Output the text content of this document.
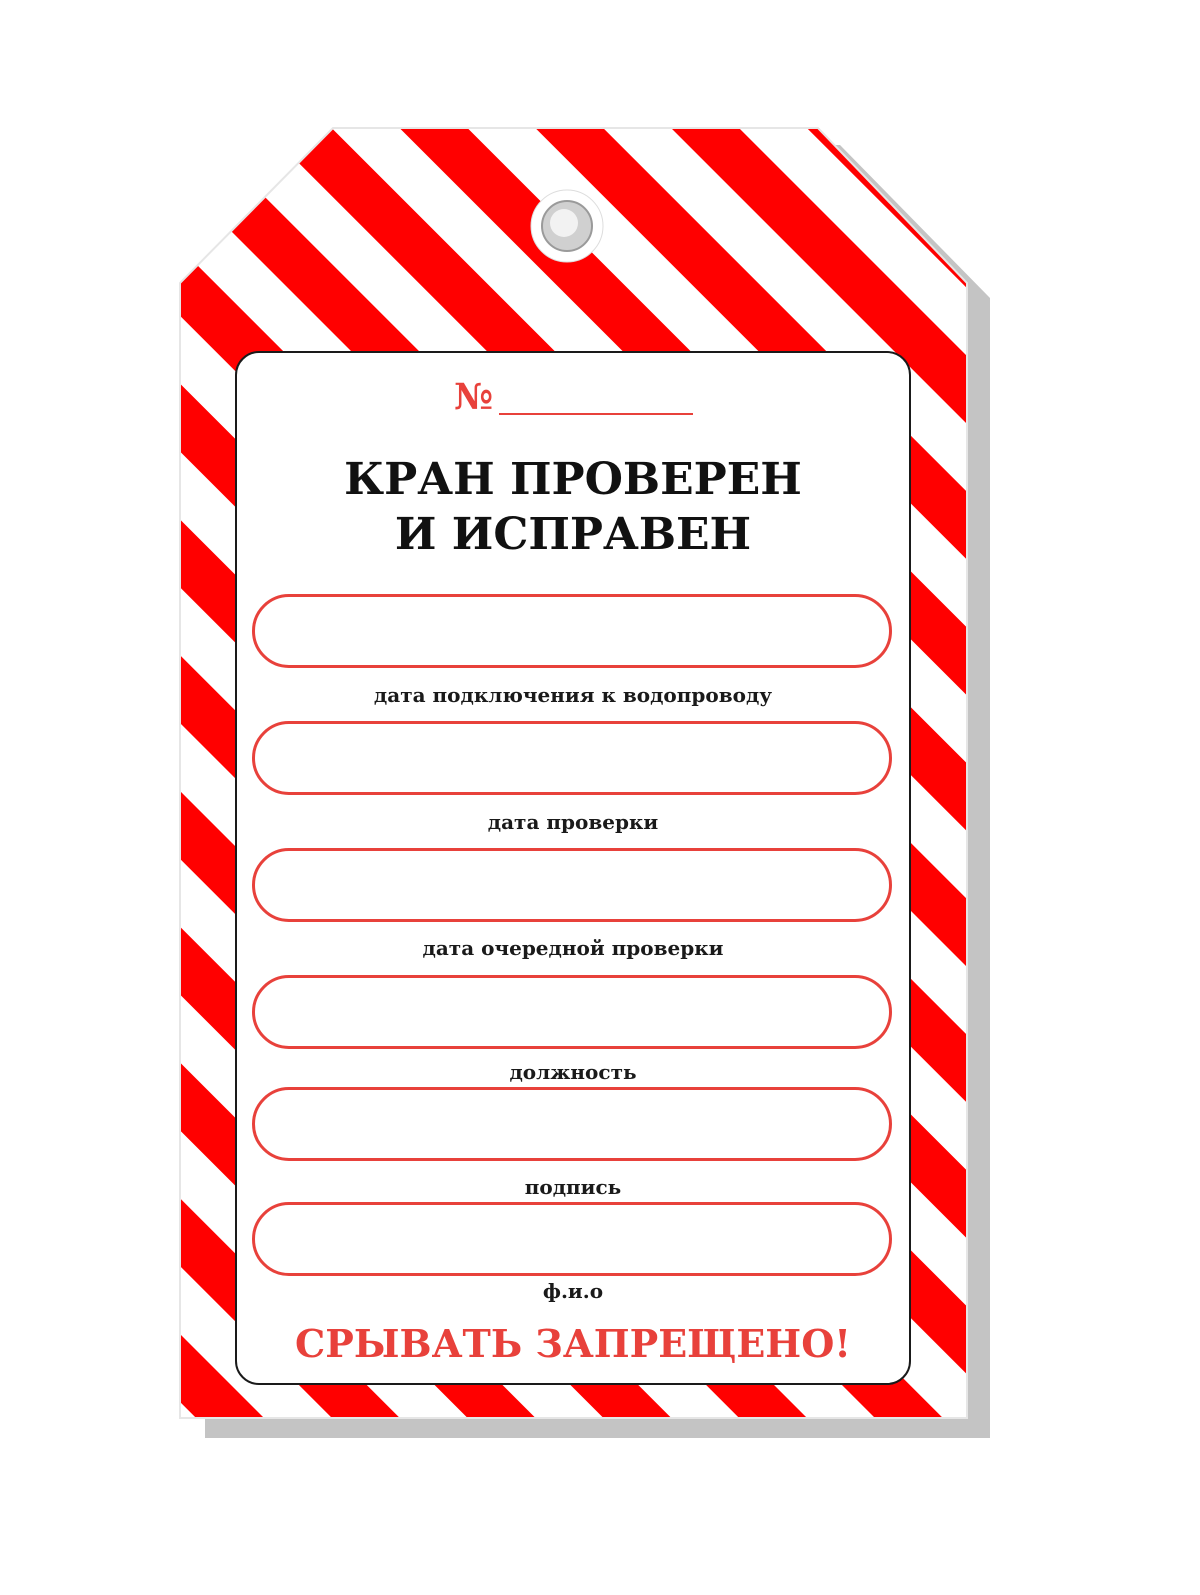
№
КРАН ПРОВЕРЕН
И ИСПРАВЕН
дата подключения к водопроводу
дата проверки
дата очередной проверки
должность
подпись
ф.и.о
СРЫВАТЬ ЗАПРЕЩЕНО!
